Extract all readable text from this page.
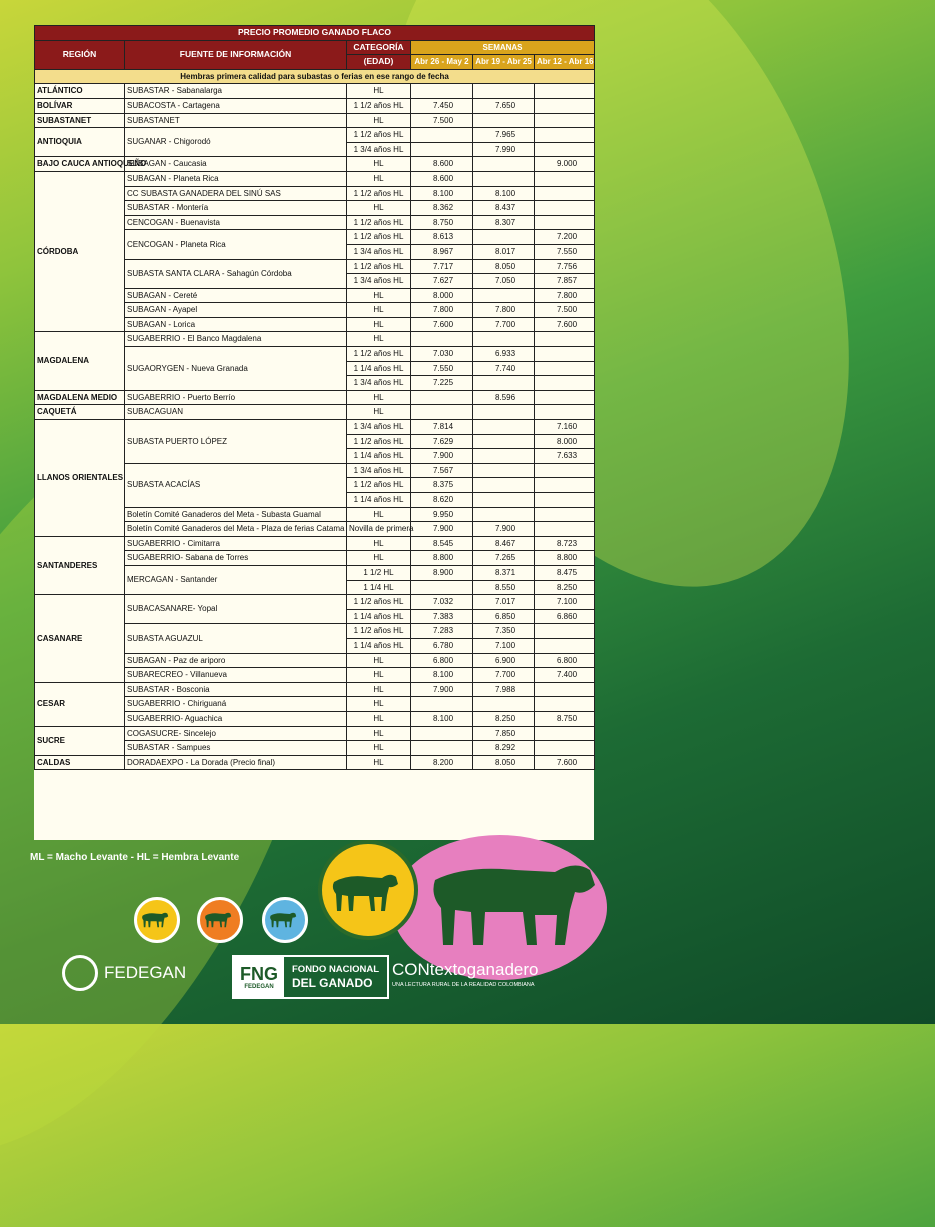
PRECIO PROMEDIO GANADO FLACO					
REGIÓN	FUENTE DE INFORMACIÓN	CATEGORÍA	SEMANAS		
		(EDAD)	Abr 26 - May 2	Abr 19 - Abr 25	Abr 12 - Abr 16
Hembras primera calidad para subastas o ferias en ese rango de fecha					
ATLÁNTICO	SUBASTAR - Sabanalarga	HL			
BOLÍVAR	SUBACOSTA - Cartagena	1 1/2 años HL	7.450	7.650	
SUBASTANET	SUBASTANET	HL	7.500		
ANTIOQUIA	SUGANAR - Chigorodó	1 1/2 años HL		7.965	
		1 3/4 años HL		7.990	
BAJO CAUCA ANTIOQUEÑO	SUBAGAN - Caucasia	HL	8.600		9.000
CÓRDOBA	SUBAGAN - Planeta Rica	HL	8.600		
	CC SUBASTA GANADERA DEL SINÚ SAS	1 1/2 años HL	8.100	8.100	
	SUBASTAR - Montería	HL	8.362	8.437	
	CENCOGAN - Buenavista	1 1/2 años HL	8.750	8.307	
	CENCOGAN - Planeta Rica	1 1/2 años HL	8.613		7.200
		1 3/4 años HL	8.967	8.017	7.550
	SUBASTA SANTA CLARA - Sahagún Córdoba	1 1/2 años HL	7.717	8.050	7.756
		1 3/4 años HL	7.627	7.050	7.857
	SUBAGAN - Cereté	HL	8.000		7.800
	SUBAGAN - Ayapel	HL	7.800	7.800	7.500
	SUBAGAN - Lorica	HL	7.600	7.700	7.600
MAGDALENA	SUGABERRIO - El Banco Magdalena	HL			
	SUGAORYGEN - Nueva Granada	1 1/2 años HL	7.030	6.933	
		1 1/4 años HL	7.550	7.740	
		1 3/4 años HL	7.225		
MAGDALENA MEDIO	SUGABERRIO - Puerto Berrío	HL		8.596	
CAQUETÁ	SUBACAGUAN	HL			
LLANOS ORIENTALES	SUBASTA PUERTO LÓPEZ	1 3/4 años HL	7.814		7.160
		1 1/2 años HL	7.629		8.000
		1 1/4 años HL	7.900		7.633
	SUBASTA ACACÍAS	1 3/4 años HL	7.567		
		1 1/2 años HL	8.375		
		1 1/4 años HL	8.620		
	Boletín Comité Ganaderos del Meta - Subasta Guamal	HL	9.950		
	Boletín Comité Ganaderos del Meta - Plaza de ferias Catama	Novilla de primera	7.900	7.900	
SANTANDERES	SUGABERRIO - Cimitarra	HL	8.545	8.467	8.723
	SUGABERRIO- Sabana de Torres	HL	8.800	7.265	8.800
	MERCAGAN - Santander	1 1/2 HL	8.900	8.371	8.475
		1 1/4 HL		8.550	8.250
CASANARE	SUBACASANARE- Yopal	1 1/2 años HL	7.032	7.017	7.100
		1 1/4 años HL	7.383	6.850	6.860
	SUBASTA AGUAZUL	1 1/2 años HL	7.283	7.350	
		1 1/4 años HL	6.780	7.100	
	SUBAGAN - Paz de ariporo	HL	6.800	6.900	6.800
	SUBARECREO - Villanueva	HL	8.100	7.700	7.400
CESAR	SUBASTAR - Bosconia	HL	7.900	7.988	
	SUGABERRIO - Chiriguaná	HL			
	SUGABERRIO- Aguachica	HL	8.100	8.250	8.750
SUCRE	COGASUCRE- Sincelejo	HL		7.850	
	SUBASTAR - Sampues	HL		8.292	
CALDAS	DORADAEXPO - La Dorada (Precio final)	HL	8.200	8.050	7.600
ML = Macho Levante - HL = Hembra Levante
FEDEGAN	FNG
FEDEGAN
FONDO NACIONAL
DEL GANADO
CONtextoganadero
UNA LECTURA RURAL DE LA REALIDAD COLOMBIANA
